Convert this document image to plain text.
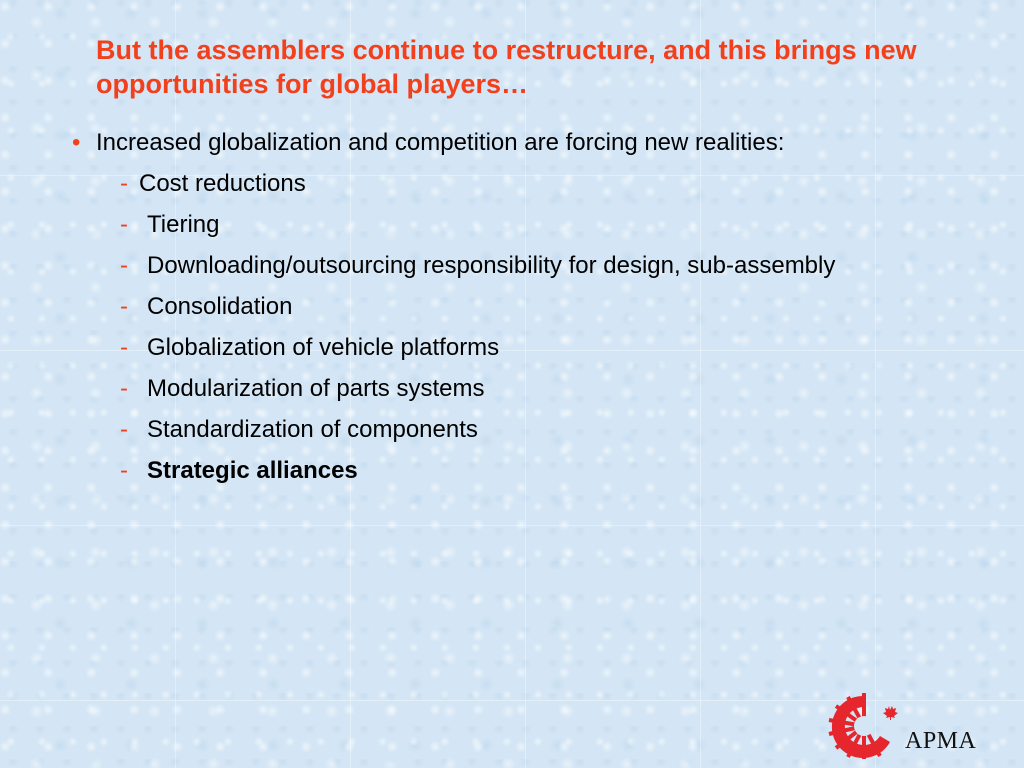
But the assemblers continue to restructure, and this brings new opportunities for global players…
• Increased globalization and competition are forcing new realities:
- Cost reductions
- Tiering
- Downloading/outsourcing responsibility for design, sub-assembly
- Consolidation
- Globalization of vehicle platforms
- Modularization of parts systems
- Standardization of components
- Strategic alliances
APMA
